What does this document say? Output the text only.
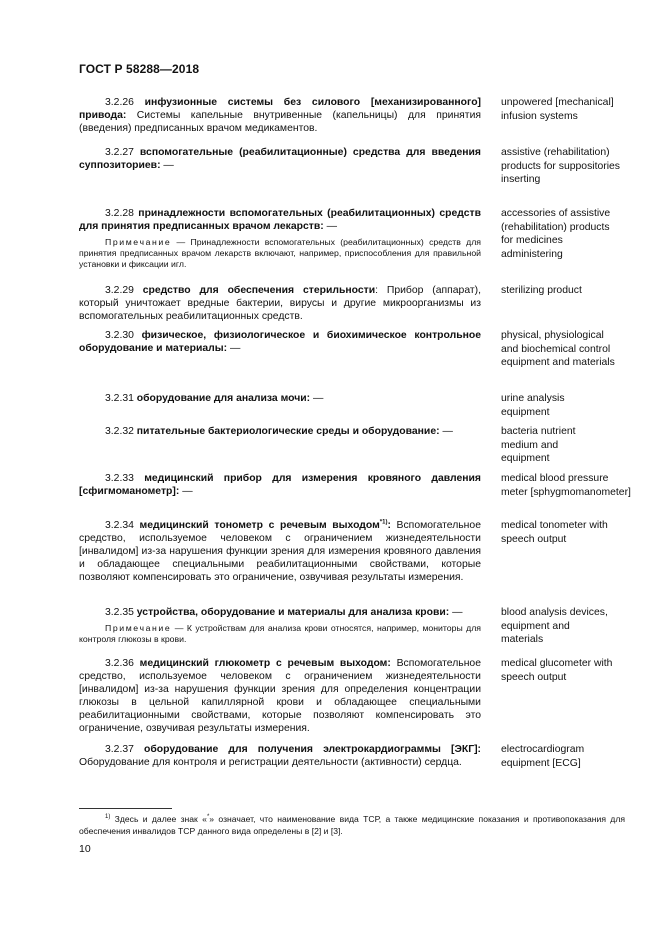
ГОСТ Р 58288—2018
3.2.26 инфузионные системы без силового [механизированного] привода: Системы капельные внутривенные (капельницы) для принятия (введения) предписанных врачом медикаментов.
unpowered [mechanical] infusion systems
3.2.27 вспомогательные (реабилитационные) средства для введения суппозиториев: —
assistive (rehabilitation) products for suppositories inserting
3.2.28 принадлежности вспомогательных (реабилитационных) средств для принятия предписанных врачом лекарств: —
Примечание — Принадлежности вспомогательных (реабилитационных) средств для принятия предписанных врачом лекарств включают, например, приспособления для правильной установки и фиксации игл.
accessories of assistive (rehabilitation) products for medicines administering
3.2.29 средство для обеспечения стерильности: Прибор (аппарат), который уничтожает вредные бактерии, вирусы и другие микроорганизмы из вспомогательных реабилитационных средств.
sterilizing product
3.2.30 физическое, физиологическое и биохимическое контрольное оборудование и материалы: —
physical, physiological and biochemical control equipment and materials
3.2.31 оборудование для анализа мочи: —	urine analysis equipment
3.2.32 питательные бактериологические среды и оборудование: —	bacteria nutrient medium and equipment
3.2.33 медицинский прибор для измерения кровяного давления [сфигмоманометр]: —
medical blood pressure meter [sphygmomanometer]
3.2.34 медицинский тонометр с речевым выходом$^{*1)}$: Вспомогательное средство, используемое человеком с ограничением жизнедеятельности [инвалидом] из-за нарушения функции зрения для измерения кровяного давления и обладающее специальными реабилитационными свойствами, которые позволяют компенсировать это ограничение, озвучивая результаты измерения.
medical tonometer with speech output
3.2.35 устройства, оборудование и материалы для анализа крови: —
Примечание — К устройствам для анализа крови относятся, например, мониторы для контроля глюкозы в крови.
blood analysis devices, equipment and materials
3.2.36 медицинский глюкометр с речевым выходом: Вспомогательное средство, используемое человеком с ограничением жизнедеятельности [инвалидом] из-за нарушения функции зрения для определения концентрации глюкозы в цельной капиллярной крови и обладающее специальными реабилитационными свойствами, которые позволяют компенсировать это ограничение, озвучивая результаты измерения.
medical glucometer with speech output
3.2.37 оборудование для получения электрокардиограммы [ЭКГ]: Оборудование для контроля и регистрации деятельности (активности) сердца.
electrocardiogram equipment [ECG]
$^{1)}$ Здесь и далее знак «*» означает, что наименование вида ТСР, а также медицинские показания и противопоказания для обеспечения инвалидов ТСР данного вида определены в [2] и [3].
10
